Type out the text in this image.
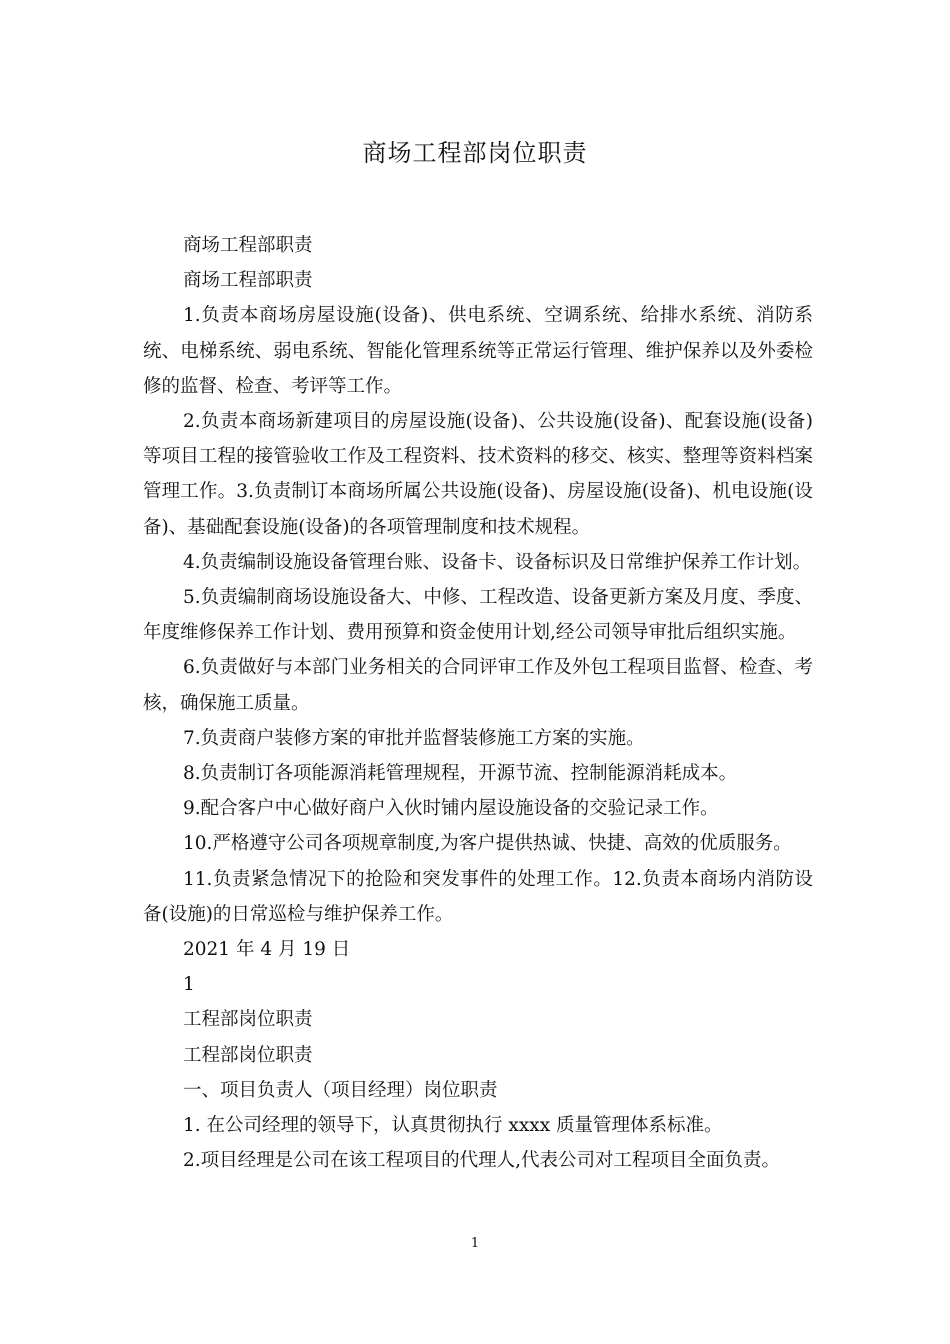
商场工程部岗位职责

商场工程部职责

商场工程部职责

1.负责本商场房屋设施(设备)、供电系统、空调系统、给排水系统、消防系统、电梯系统、弱电系统、智能化管理系统等正常运行管理、维护保养以及外委检修的监督、检查、考评等工作。

2.负责本商场新建项目的房屋设施(设备)、公共设施(设备)、配套设施(设备)等项目工程的接管验收工作及工程资料、技术资料的移交、核实、整理等资料档案管理工作。3.负责制订本商场所属公共设施(设备)、房屋设施(设备)、机电设施(设备)、基础配套设施(设备)的各项管理制度和技术规程。

4.负责编制设施设备管理台账、设备卡、设备标识及日常维护保养工作计划。

5.负责编制商场设施设备大、中修、工程改造、设备更新方案及月度、季度、年度维修保养工作计划、费用预算和资金使用计划,经公司领导审批后组织实施。

6.负责做好与本部门业务相关的合同评审工作及外包工程项目监督、检查、考核，确保施工质量。

7.负责商户装修方案的审批并监督装修施工方案的实施。

8.负责制订各项能源消耗管理规程，开源节流、控制能源消耗成本。

9.配合客户中心做好商户入伙时铺内屋设施设备的交验记录工作。

10.严格遵守公司各项规章制度,为客户提供热诚、快捷、高效的优质服务。

11.负责紧急情况下的抢险和突发事件的处理工作。12.负责本商场内消防设备(设施)的日常巡检与维护保养工作。

2021 年 4 月 19 日

1

工程部岗位职责

工程部岗位职责

一、项目负责人（项目经理）岗位职责

1. 在公司经理的领导下，认真贯彻执行 xxxx 质量管理体系标准。

2.项目经理是公司在该工程项目的代理人,代表公司对工程项目全面负责。

1
